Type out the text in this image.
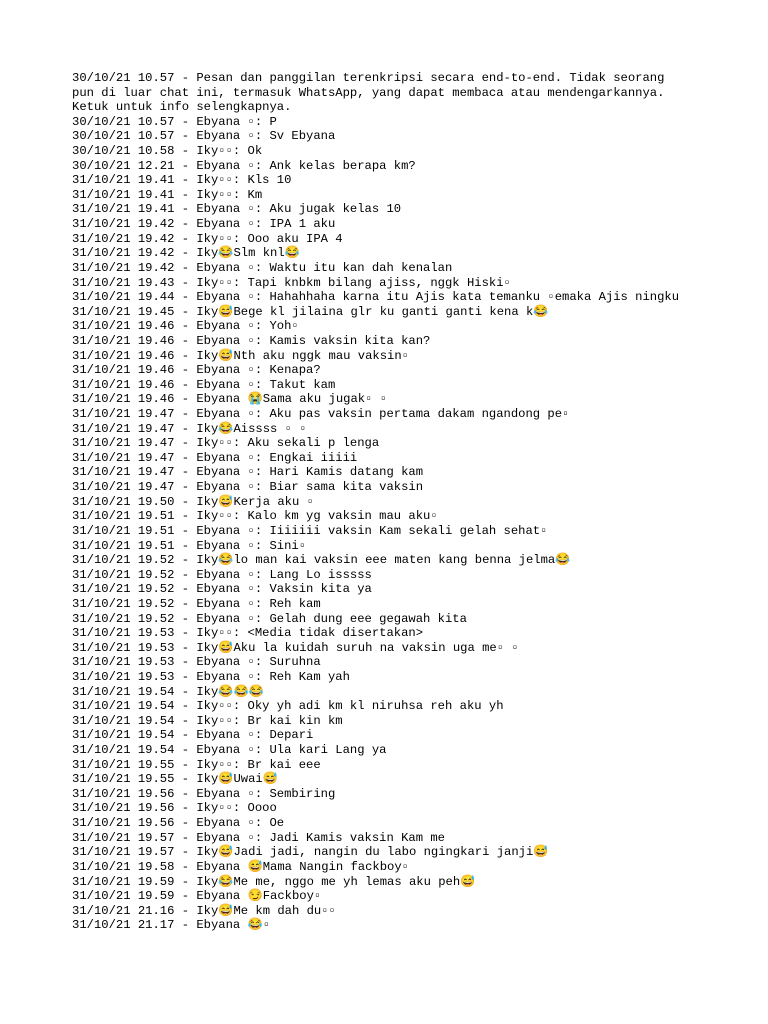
30/10/21 10.57 - Pesan dan panggilan terenkripsi secara end-to-end. Tidak seorang
pun di luar chat ini, termasuk WhatsApp, yang dapat membaca atau mendengarkannya.
Ketuk untuk info selengkapnya.
30/10/21 10.57 - Ebyana ▫: P
30/10/21 10.57 - Ebyana ▫: Sv Ebyana
30/10/21 10.58 - Iky▫▫: Ok
30/10/21 12.21 - Ebyana ▫: Ank kelas berapa km?
31/10/21 19.41 - Iky▫▫: Kls 10
31/10/21 19.41 - Iky▫▫: Km
31/10/21 19.41 - Ebyana ▫: Aku jugak kelas 10
31/10/21 19.42 - Ebyana ▫: IPA 1 aku
31/10/21 19.42 - Iky▫▫: Ooo aku IPA 4
31/10/21 19.42 - Iky😂Slm knl😂
31/10/21 19.42 - Ebyana ▫: Waktu itu kan dah kenalan
31/10/21 19.43 - Iky▫▫: Tapi knbkm bilang ajiss, nggk Hiski▫
31/10/21 19.44 - Ebyana ▫: Hahahhaha karna itu Ajis kata temanku ▫emaka Ajis ningku
31/10/21 19.45 - Iky😅Bege kl jilaina glr ku ganti ganti kena k😂
31/10/21 19.46 - Ebyana ▫: Yoh▫
31/10/21 19.46 - Ebyana ▫: Kamis vaksin kita kan?
31/10/21 19.46 - Iky😅Nth aku nggk mau vaksin▫
31/10/21 19.46 - Ebyana ▫: Kenapa?
31/10/21 19.46 - Ebyana ▫: Takut kam
31/10/21 19.46 - Ebyana 😭Sama aku jugak▫ ▫
31/10/21 19.47 - Ebyana ▫: Aku pas vaksin pertama dakam ngandong pe▫
31/10/21 19.47 - Iky😂Aissss ▫ ▫
31/10/21 19.47 - Iky▫▫: Aku sekali p lenga
31/10/21 19.47 - Ebyana ▫: Engkai iiiii
31/10/21 19.47 - Ebyana ▫: Hari Kamis datang kam
31/10/21 19.47 - Ebyana ▫: Biar sama kita vaksin
31/10/21 19.50 - Iky😅Kerja aku ▫
31/10/21 19.51 - Iky▫▫: Kalo km yg vaksin mau aku▫
31/10/21 19.51 - Ebyana ▫: Iiiiiii vaksin Kam sekali gelah sehat▫
31/10/21 19.51 - Ebyana ▫: Sini▫
31/10/21 19.52 - Iky😂lo man kai vaksin eee maten kang benna jelma😂
31/10/21 19.52 - Ebyana ▫: Lang Lo isssss
31/10/21 19.52 - Ebyana ▫: Vaksin kita ya
31/10/21 19.52 - Ebyana ▫: Reh kam
31/10/21 19.52 - Ebyana ▫: Gelah dung eee gegawah kita
31/10/21 19.53 - Iky▫▫: <Media tidak disertakan>
31/10/21 19.53 - Iky😅Aku la kuidah suruh na vaksin uga me▫ ▫
31/10/21 19.53 - Ebyana ▫: Suruhna
31/10/21 19.53 - Ebyana ▫: Reh Kam yah
31/10/21 19.54 - Iky😂😂😂
31/10/21 19.54 - Iky▫▫: Oky yh adi km kl niruhsa reh aku yh
31/10/21 19.54 - Iky▫▫: Br kai kin km
31/10/21 19.54 - Ebyana ▫: Depari
31/10/21 19.54 - Ebyana ▫: Ula kari Lang ya
31/10/21 19.55 - Iky▫▫: Br kai eee
31/10/21 19.55 - Iky😅Uwai😅
31/10/21 19.56 - Ebyana ▫: Sembiring
31/10/21 19.56 - Iky▫▫: Oooo
31/10/21 19.56 - Ebyana ▫: Oe
31/10/21 19.57 - Ebyana ▫: Jadi Kamis vaksin Kam me
31/10/21 19.57 - Iky😅Jadi jadi, nangin du labo ngingkari janji😅
31/10/21 19.58 - Ebyana 😅Mama Nangin fackboy▫
31/10/21 19.59 - Iky😂Me me, nggo me yh lemas aku peh😅
31/10/21 19.59 - Ebyana 😏Fackboy▫
31/10/21 21.16 - Iky😅Me km dah du▫▫
31/10/21 21.17 - Ebyana 😂▫
